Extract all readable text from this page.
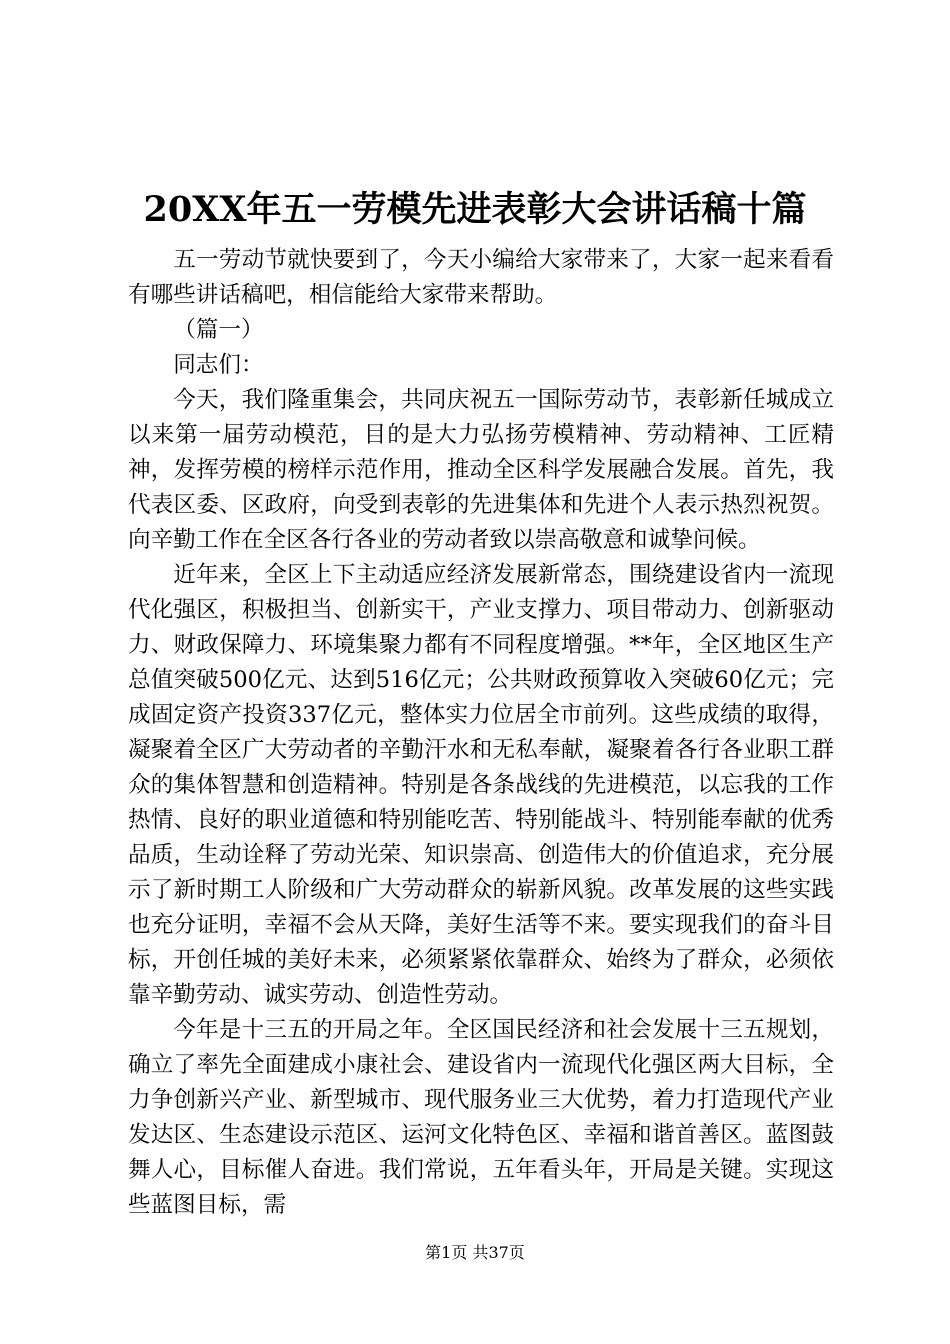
20XX年五一劳模先进表彰大会讲话稿十篇

五一劳动节就快要到了，今天小编给大家带来了，大家一起来看看有哪些讲话稿吧，相信能给大家带来帮助。

（篇一）

同志们：

今天，我们隆重集会，共同庆祝五一国际劳动节，表彰新任城成立以来第一届劳动模范，目的是大力弘扬劳模精神、劳动精神、工匠精神，发挥劳模的榜样示范作用，推动全区科学发展融合发展。首先，我代表区委、区政府，向受到表彰的先进集体和先进个人表示热烈祝贺。向辛勤工作在全区各行各业的劳动者致以崇高敬意和诚挚问候。

近年来，全区上下主动适应经济发展新常态，围绕建设省内一流现代化强区，积极担当、创新实干，产业支撑力、项目带动力、创新驱动力、财政保障力、环境集聚力都有不同程度增强。**年，全区地区生产总值突破500亿元、达到516亿元；公共财政预算收入突破60亿元；完成固定资产投资337亿元，整体实力位居全市前列。这些成绩的取得，凝聚着全区广大劳动者的辛勤汗水和无私奉献，凝聚着各行各业职工群众的集体智慧和创造精神。特别是各条战线的先进模范，以忘我的工作热情、良好的职业道德和特别能吃苦、特别能战斗、特别能奉献的优秀品质，生动诠释了劳动光荣、知识崇高、创造伟大的价值追求，充分展示了新时期工人阶级和广大劳动群众的崭新风貌。改革发展的这些实践也充分证明，幸福不会从天降，美好生活等不来。要实现我们的奋斗目标，开创任城的美好未来，必须紧紧依靠群众、始终为了群众，必须依靠辛勤劳动、诚实劳动、创造性劳动。

今年是十三五的开局之年。全区国民经济和社会发展十三五规划，确立了率先全面建成小康社会、建设省内一流现代化强区两大目标，全力争创新兴产业、新型城市、现代服务业三大优势，着力打造现代产业发达区、生态建设示范区、运河文化特色区、幸福和谐首善区。蓝图鼓舞人心，目标催人奋进。我们常说，五年看头年，开局是关键。实现这些蓝图目标，需

第1页 共37页
